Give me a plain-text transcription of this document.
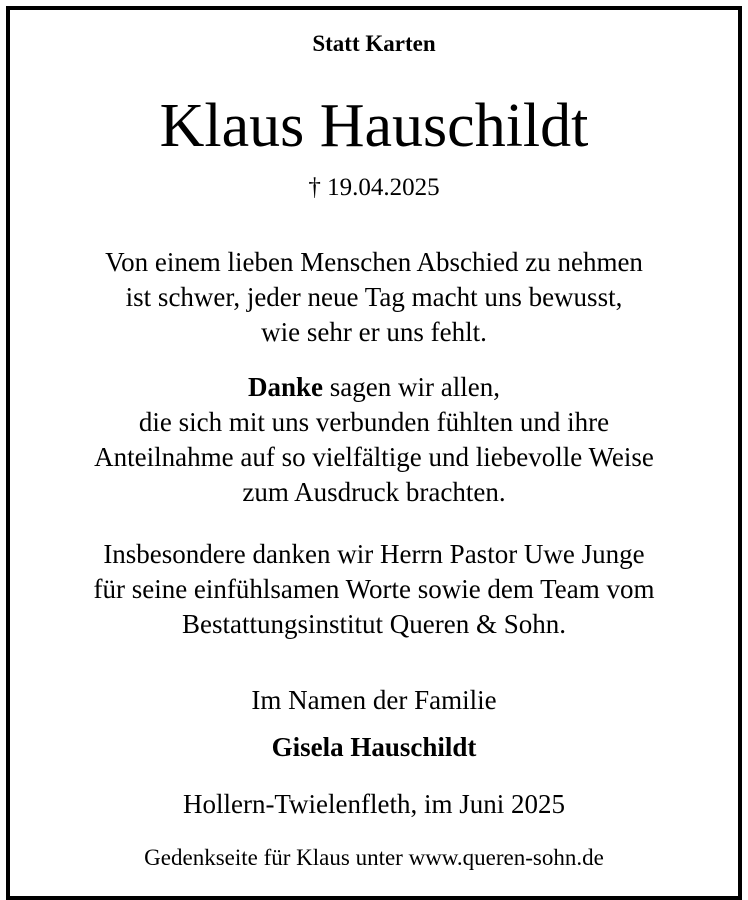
Statt Karten
Klaus Hauschildt
† 19.04.2025
Von einem lieben Menschen Abschied zu nehmen
ist schwer, jeder neue Tag macht uns bewusst,
wie sehr er uns fehlt.
Danke sagen wir allen,
die sich mit uns verbunden fühlten und ihre
Anteilnahme auf so vielfältige und liebevolle Weise
zum Ausdruck brachten.
Insbesondere danken wir Herrn Pastor Uwe Junge
für seine einfühlsamen Worte sowie dem Team vom
Bestattungsinstitut Queren & Sohn.
Im Namen der Familie
Gisela Hauschildt
Hollern-Twielenfleth, im Juni 2025
Gedenkseite für Klaus unter www.queren-sohn.de
